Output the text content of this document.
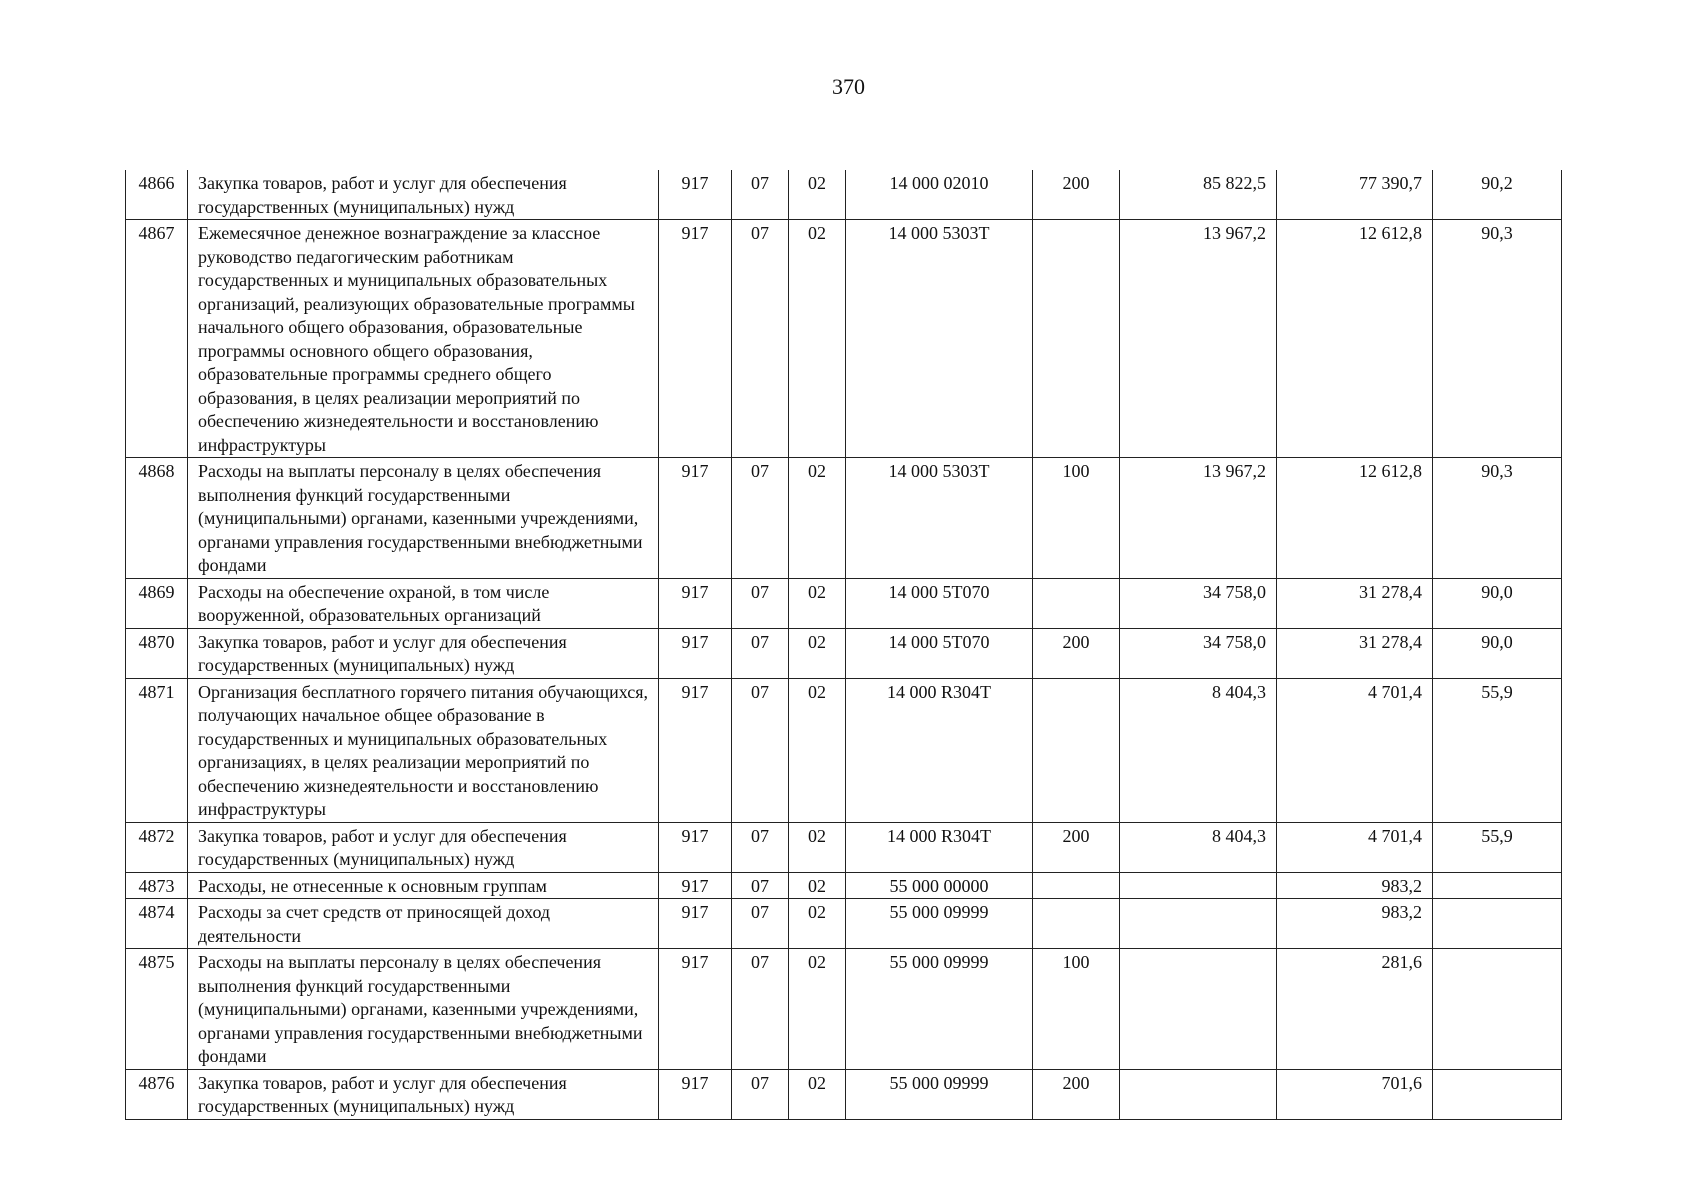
370
4866	Закупка товаров, работ и услуг для обеспечения государственных (муниципальных) нужд	917	07	02	14 000 02010	200	85 822,5	77 390,7	90,2
4867	Ежемесячное денежное вознаграждение за классное руководство педагогическим работникам государственных и муниципальных образовательных организаций, реализующих образовательные программы начального общего образования, образовательные программы основного общего образования, образовательные программы среднего общего образования, в целях реализации мероприятий по обеспечению жизнедеятельности и восстановлению инфраструктуры	917	07	02	14 000 5303T		13 967,2	12 612,8	90,3
4868	Расходы на выплаты персоналу в целях обеспечения выполнения функций государственными (муниципальными) органами, казенными учреждениями, органами управления государственными внебюджетными фондами	917	07	02	14 000 5303T	100	13 967,2	12 612,8	90,3
4869	Расходы на обеспечение охраной, в том числе вооруженной, образовательных организаций	917	07	02	14 000 5T070		34 758,0	31 278,4	90,0
4870	Закупка товаров, работ и услуг для обеспечения государственных (муниципальных) нужд	917	07	02	14 000 5T070	200	34 758,0	31 278,4	90,0
4871	Организация бесплатного горячего питания обучающихся, получающих начальное общее образование в государственных и муниципальных образовательных организациях, в целях реализации мероприятий по обеспечению жизнедеятельности и восстановлению инфраструктуры	917	07	02	14 000 R304T		8 404,3	4 701,4	55,9
4872	Закупка товаров, работ и услуг для обеспечения государственных (муниципальных) нужд	917	07	02	14 000 R304T	200	8 404,3	4 701,4	55,9
4873	Расходы, не отнесенные к основным группам	917	07	02	55 000 00000			983,2	
4874	Расходы за счет средств от приносящей доход деятельности	917	07	02	55 000 09999			983,2	
4875	Расходы на выплаты персоналу в целях обеспечения выполнения функций государственными (муниципальными) органами, казенными учреждениями, органами управления государственными внебюджетными фондами	917	07	02	55 000 09999	100		281,6	
4876	Закупка товаров, работ и услуг для обеспечения государственных (муниципальных) нужд	917	07	02	55 000 09999	200		701,6	
